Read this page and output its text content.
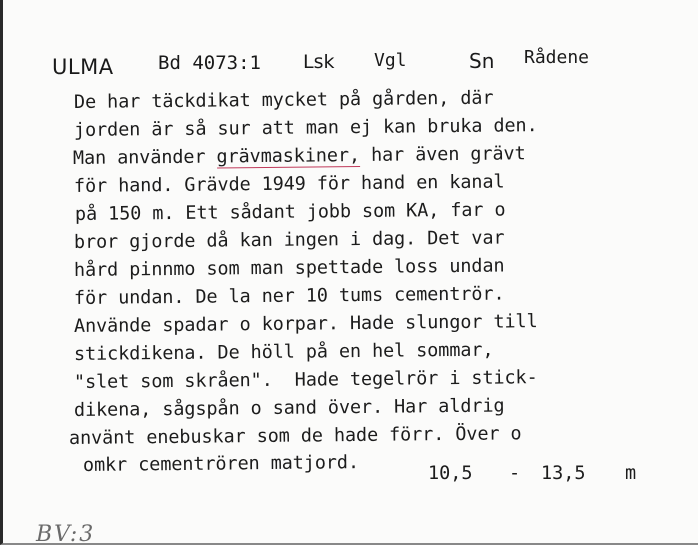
ULMA Bd 4073:1 Lsk Vgl	Sn Rådene
De har täckdikat mycket på gården, där
jorden är så sur att man ej kan bruka den.
Man använder grävmaskiner, har även grävt
för hand. Grävde 1949 för hand en kanal
på 150 m. Ett sådant jobb som KA, far o
bror gjorde då kan ingen i dag. Det var
hård pinnmo som man spettade loss undan
för undan. De la ner 10 tums cementrör.
Använde spadar o korpar. Hade slungor till
stickdikena. De höll på en hel sommar,
"slet som skråen".  Hade tegelrör i stick-
dikena, sågspån o sand över. Har aldrig
använt enebuskar som de hade förr. Över o
omkr cementrören matjord.	10,5 - 13,5 m
BV:3
